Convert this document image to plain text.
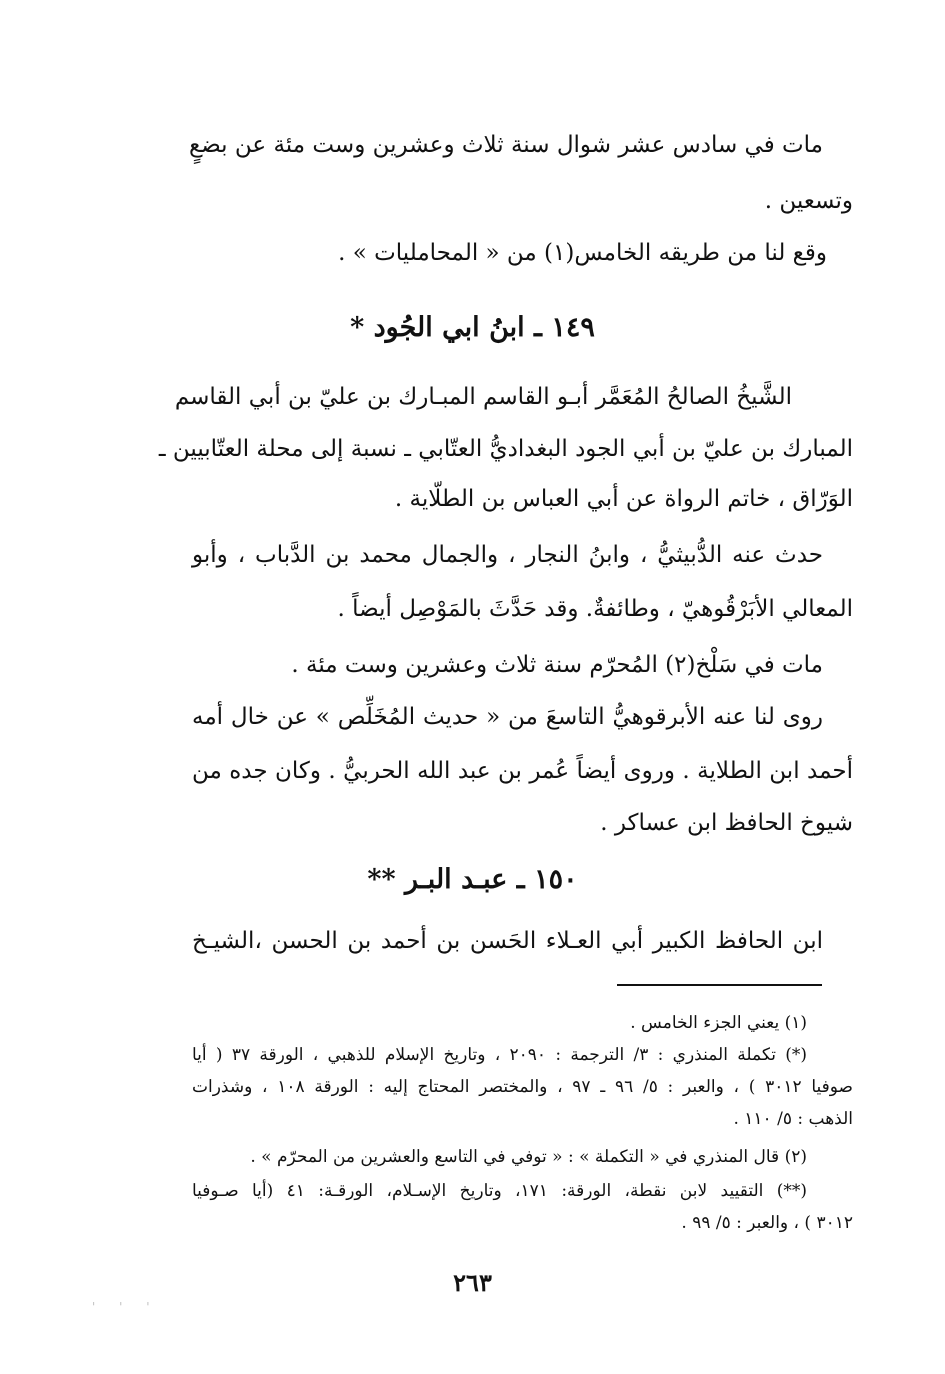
مات في سادس عشر شوال سنة ثلاث وعشرين وست مئة عن بضعٍ
وتسعين .
وقع لنا من طريقه الخامس(١) من « المحامليات » .
١٤٩ ـ ابنُ ابي الجُود *
الشَّيخُ الصالحُ المُعَمَّر أبـو القاسم المبـارك بن عليّ بن أبي القاسم
المبارك بن عليّ بن أبي الجود البغداديُّ العتّابي ـ نسبة إلى محلة العتّابيين ـ
الوَرّاق ، خاتم الرواة عن أبي العباس بن الطلّاية .
حدث عنه الدُّبيثيُّ ، وابنُ النجار ، والجمال محمد بن الدَّباب ، وأبو
المعالي الأبَرْقُوهيّ ، وطائفةٌ. وقد حَدَّثَ بالمَوْصِل أيضاً .
مات في سَلْخ(٢) المُحرّم سنة ثلاث وعشرين وست مئة .
روى لنا عنه الأبرقوهيُّ التاسعَ من « حديث المُخَلِّص » عن خال أمه
أحمد ابن الطلاية . وروى أيضاً عُمر بن عبد الله الحربيُّ . وكان جده من
شيوخ الحافظ ابن عساكر .
١٥٠ ـ عبـد البـر **
ابن الحافظ الكبير أبي العـلاء الحَسن بن أحمد بن الحسن ،الشيـخ
(١) يعني الجزء الخامس .
(*) تكملة المنذري : ٣/ الترجمة : ٢٠٩٠ ، وتاريخ الإسلام للذهبي ، الورقة ٣٧ ( أيا
صوفيا ٣٠١٢ ) ، والعبر : ٥/ ٩٦ ـ ٩٧ ، والمختصر المحتاج إليه : الورقة ١٠٨ ، وشذرات
الذهب : ٥/ ١١٠ .
(٢) قال المنذري في « التكملة » : « توفي في التاسع والعشرين من المحرّم » .
(**) التقييد لابن نقطة، الورقة: ١٧١، وتاريخ الإسـلام، الورقـة: ٤١ (أيا صـوفيا
٣٠١٢ ) ، والعبر : ٥/ ٩٩ .
٢٦٣
' ' '
